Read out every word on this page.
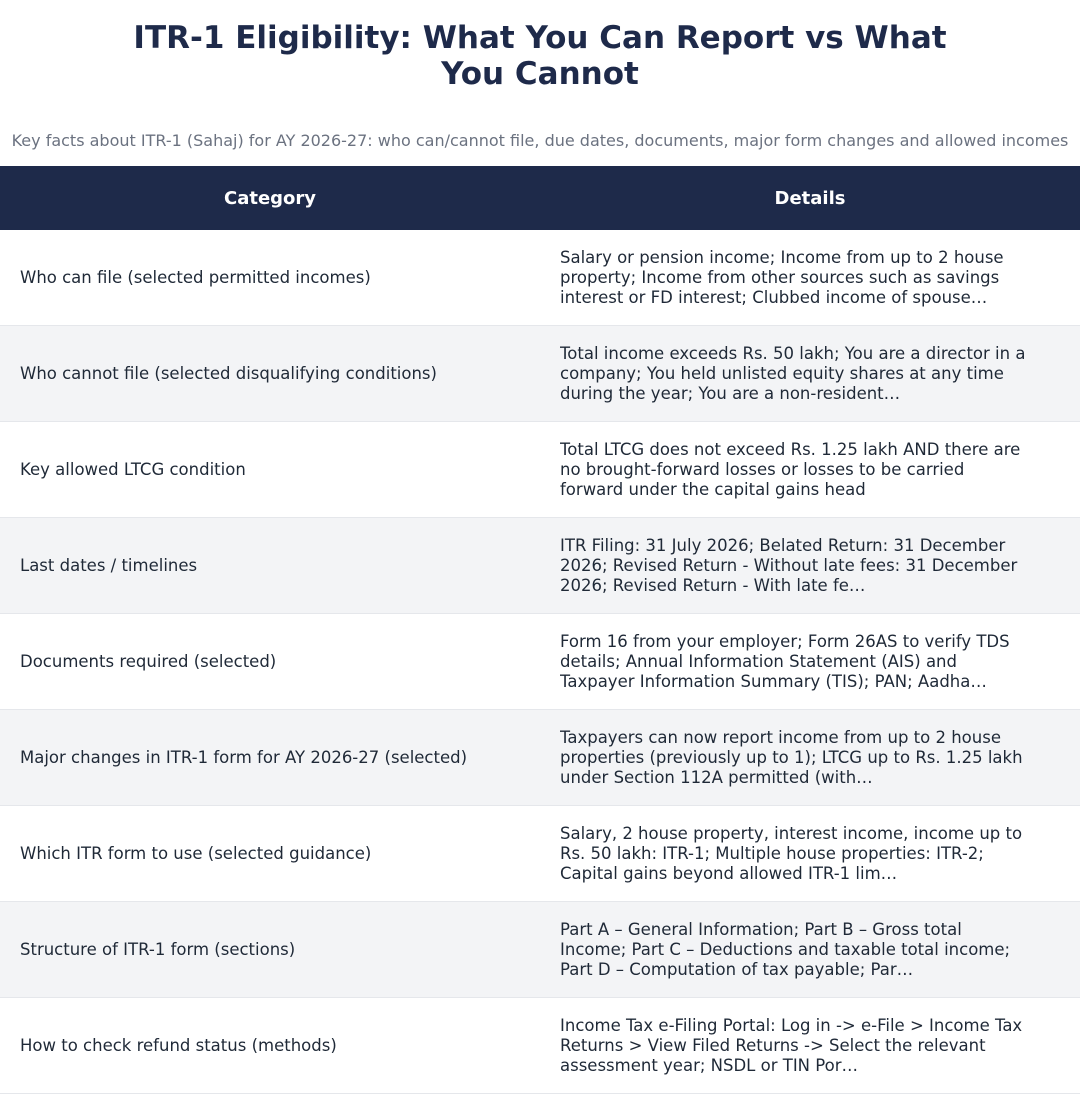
ITR-1 Eligibility: What You Can Report vs What
You Cannot

Key facts about ITR-1 (Sahaj) for AY 2026-27: who can/cannot file, due dates, documents, major form changes and allowed incomes

Category	Details
Who can file (selected permitted incomes)	Salary or pension income; Income from up to 2 house property; Income from other sources such as savings interest or FD interest; Clubbed income of spouse…

Who cannot file (selected disqualifying conditions)	Total income exceeds Rs. 50 lakh; You are a director in a company; You held unlisted equity shares at any time during the year; You are a non-resident…

Key allowed LTCG condition	Total LTCG does not exceed Rs. 1.25 lakh AND there are no brought-forward losses or losses to be carried forward under the capital gains head

Last dates / timelines	ITR Filing: 31 July 2026; Belated Return: 31 December 2026; Revised Return - Without late fees: 31 December 2026; Revised Return - With late fe…

Documents required (selected)	Form 16 from your employer; Form 26AS to verify TDS details; Annual Information Statement (AIS) and Taxpayer Information Summary (TIS); PAN; Aadha…

Major changes in ITR-1 form for AY 2026-27 (selected)	Taxpayers can now report income from up to 2 house properties (previously up to 1); LTCG up to Rs. 1.25 lakh under Section 112A permitted (with…

Which ITR form to use (selected guidance)	Salary, 2 house property, interest income, income up to Rs. 50 lakh: ITR-1; Multiple house properties: ITR-2; Capital gains beyond allowed ITR-1 lim…

Structure of ITR-1 form (sections)	Part A – General Information; Part B – Gross total Income; Part C – Deductions and taxable total income; Part D – Computation of tax payable; Par…

How to check refund status (methods)	Income Tax e-Filing Portal: Log in -> e-File > Income Tax Returns > View Filed Returns -> Select the relevant assessment year; NSDL or TIN Por…
